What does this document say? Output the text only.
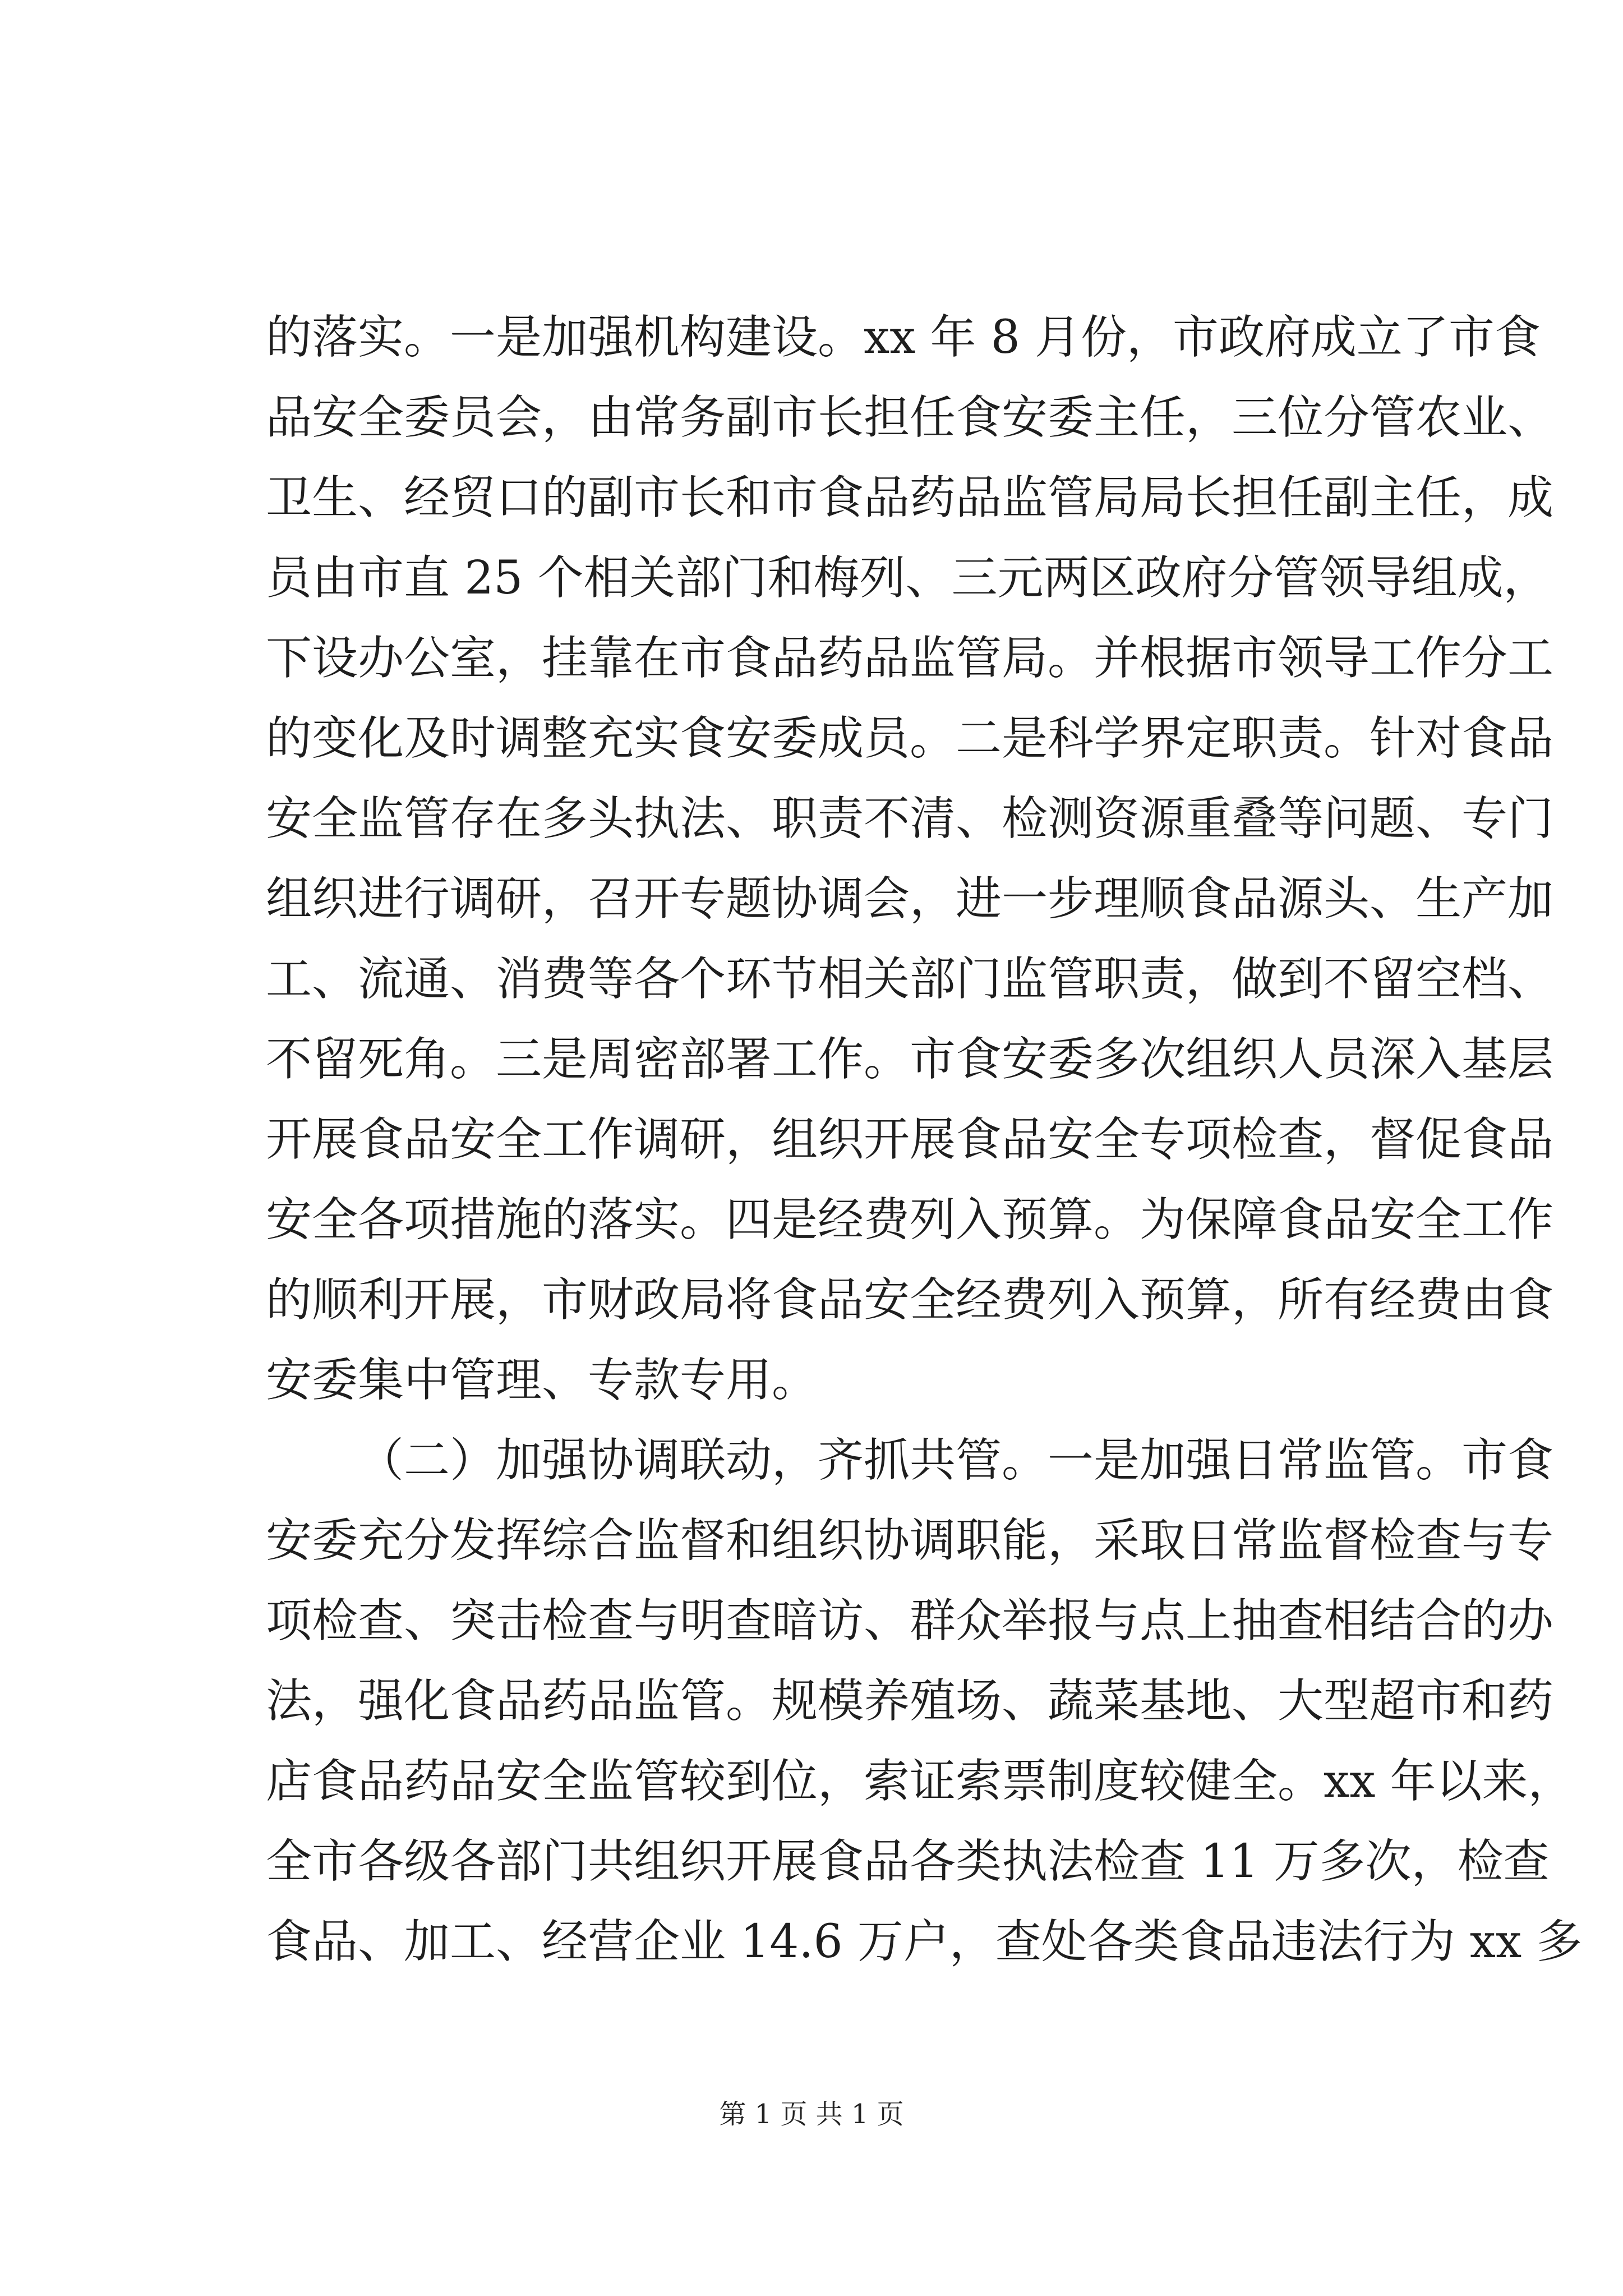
的落实。一是加强机构建设。xx 年 8 月份，市政府成立了市食
品安全委员会，由常务副市长担任食安委主任，三位分管农业、
卫生、经贸口的副市长和市食品药品监管局局长担任副主任，成
员由市直 25 个相关部门和梅列、三元两区政府分管领导组成，
下设办公室，挂靠在市食品药品监管局。并根据市领导工作分工
的变化及时调整充实食安委成员。二是科学界定职责。针对食品
安全监管存在多头执法、职责不清、检测资源重叠等问题、专门
组织进行调研，召开专题协调会，进一步理顺食品源头、生产加
工、流通、消费等各个环节相关部门监管职责，做到不留空档、
不留死角。三是周密部署工作。市食安委多次组织人员深入基层
开展食品安全工作调研，组织开展食品安全专项检查，督促食品
安全各项措施的落实。四是经费列入预算。为保障食品安全工作
的顺利开展，市财政局将食品安全经费列入预算，所有经费由食
安委集中管理、专款专用。
（二）加强协调联动，齐抓共管。一是加强日常监管。市食
安委充分发挥综合监督和组织协调职能，采取日常监督检查与专
项检查、突击检查与明查暗访、群众举报与点上抽查相结合的办
法，强化食品药品监管。规模养殖场、蔬菜基地、大型超市和药
店食品药品安全监管较到位，索证索票制度较健全。xx 年以来，
全市各级各部门共组织开展食品各类执法检查 11 万多次，检查
食品、加工、经营企业 14.6 万户，查处各类食品违法行为 xx 多
第 1 页 共 1 页
